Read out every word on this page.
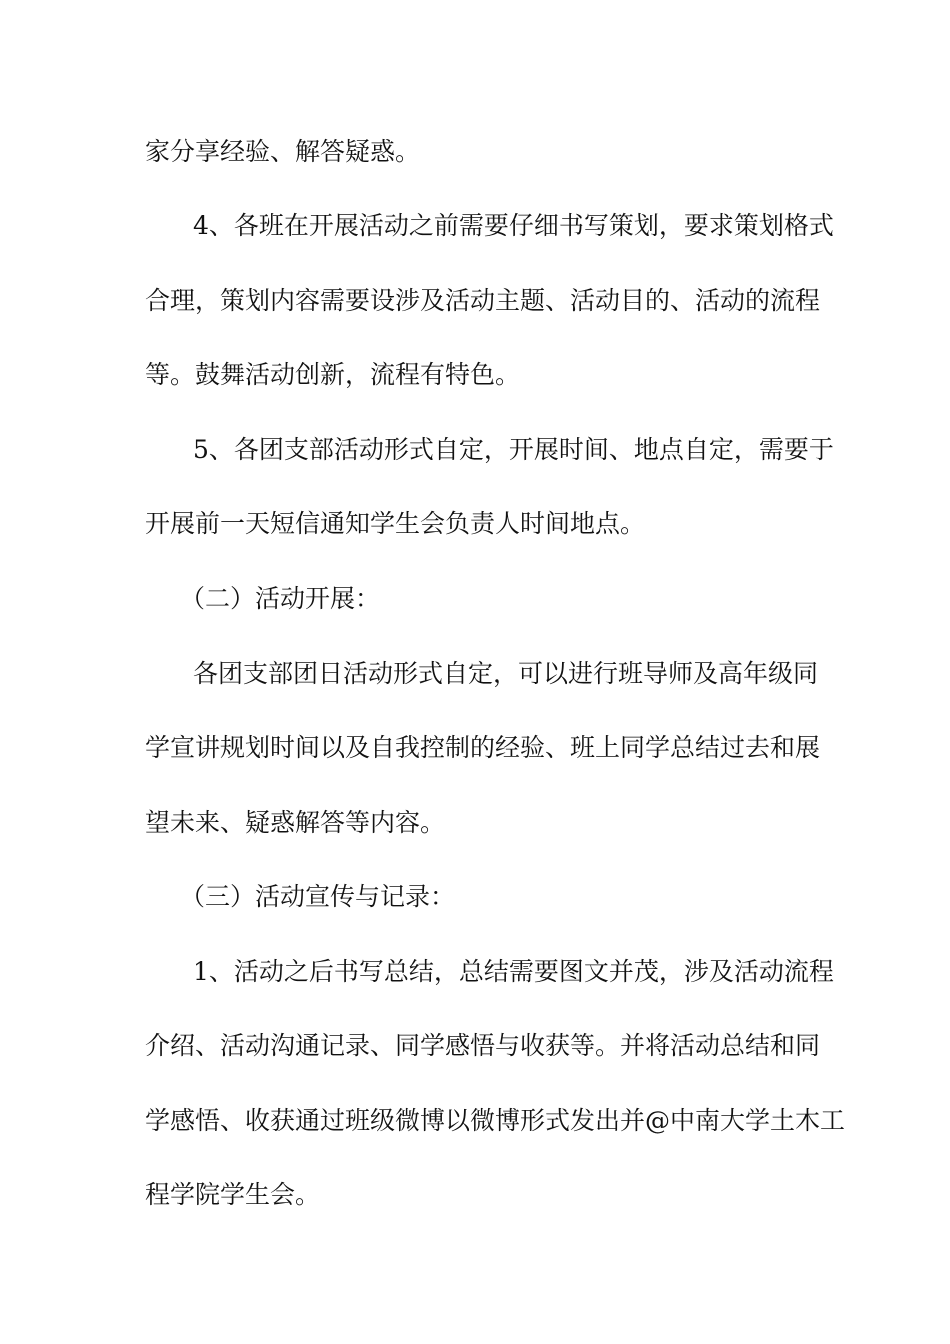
家分享经验、解答疑惑。
4、各班在开展活动之前需要仔细书写策划，要求策划格式
合理，策划内容需要设涉及活动主题、活动目的、活动的流程
等。鼓舞活动创新，流程有特色。
5、各团支部活动形式自定，开展时间、地点自定，需要于
开展前一天短信通知学生会负责人时间地点。
（二）活动开展：
各团支部团日活动形式自定，可以进行班导师及高年级同
学宣讲规划时间以及自我控制的经验、班上同学总结过去和展
望未来、疑惑解答等内容。
（三）活动宣传与记录：
1、活动之后书写总结，总结需要图文并茂，涉及活动流程
介绍、活动沟通记录、同学感悟与收获等。并将活动总结和同
学感悟、收获通过班级微博以微博形式发出并@中南大学土木工
程学院学生会。
